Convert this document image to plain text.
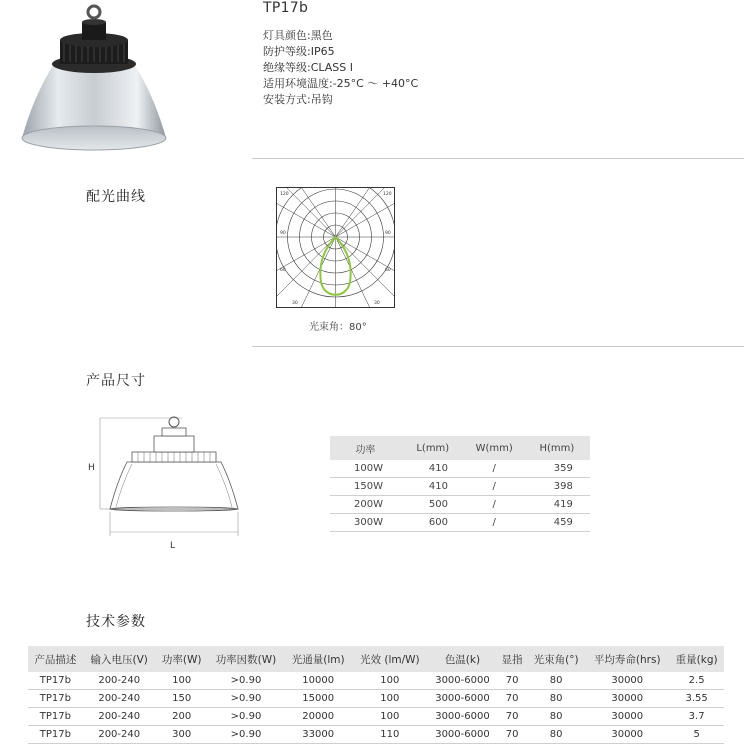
TP17b
灯具颜色:黑色
防护等级:IP65
绝缘等级:CLASS Ⅰ
适用环境温度:-25°C ～ +40°C
安装方式:吊钩
配光曲线	120	120
90	90
60	60
30	30
光束角：80°
产品尺寸
H
L
功率	L(mm)	W(mm)	H(mm)
100W	410	/	359
150W	410	/	398
200W	500	/	419
300W	600	/	459
技术参数
产品描述	输入电压(V)	功率(W)	功率因数(W)	光通量(lm)	光效 (lm/W)	色温(k)	显指	光束角(°)	平均寿命(hrs)	重量(kg)
TP17b	200-240	100	>0.90	10000	100	3000-6000	70	80	30000	2.5
TP17b	200-240	150	>0.90	15000	100	3000-6000	70	80	30000	3.55
TP17b	200-240	200	>0.90	20000	100	3000-6000	70	80	30000	3.7
TP17b	200-240	300	>0.90	33000	110	3000-6000	70	80	30000	5
